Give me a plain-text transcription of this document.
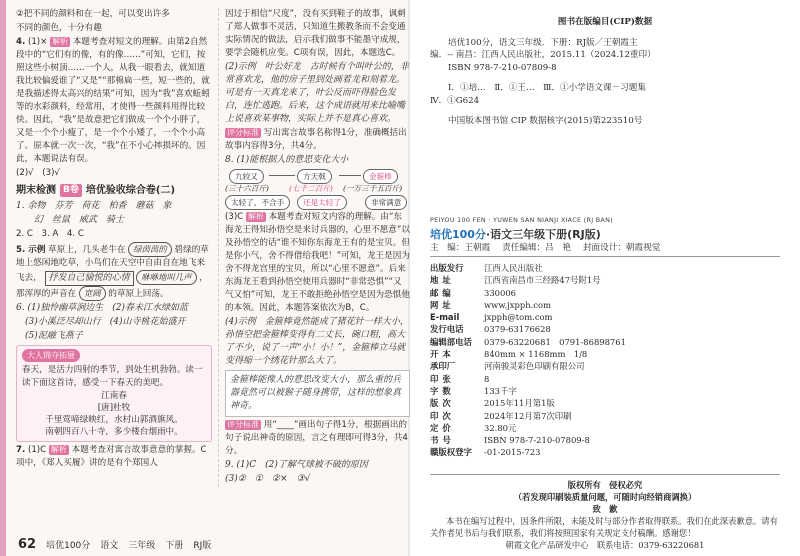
②把不同的颜料和在一起，可以变出许多
不同的颜色，十分有趣
4. (1)× 解析 本题考查对短文的理解。由第2自然段中的“它们有的像，有的像……”可知，它们，按照这些小树顶……一个人，从我一眼看去，就知道我比较偏爱谁了“又是”“那棉扁一些，短一些的，就是我描述得太高兴的结果”可知，因为“我”喜欢蚯蚓等的水彩颜料，经常用，才使得一些颜料用得比较快。因此，“我”是故意把它们做成一个个小胖了，又是一个个小瘦了，是一个个小矮了，一个个小高了。原本就一次一次，“我”在不小心摔损坏的。因此，本题说法有误。
(2)√　(3)√
期末检测 B卷 培优验收综合卷(二)
1. 余物　芬芳　荷花　柏香　蘑菇　象
　　幻　丝鼠　威武　骑士
2. C　3. A　4. C
5. 示例 草原上，几头老牛在 绿茵茵的 碧绿的草地上悠闲地吃草，小鸟们在天空中自由自在地飞来飞去， 抒发自己愉悦的心情 咻咻地叫几声 ，那浑厚的声音在 宽阔 的草原上回荡。
6. (1)独怜幽草涧边生　(2)春未江水绿如蓝
　(3)小溪泛尽却山行　(4)山寺桃花始盛开
　(5)泥融飞燕子　　　
大人锦夺拓展
春天，是活力四射的季节，到处生机勃勃。读一读下面这首诗，感受一下春天的美吧。
江南春
[唐]杜牧
千里莺啼绿映红，水村山郭酒旗风。
南朝四百八十寺，多少楼台烟雨中。
7. (1)C 解析 本题考查对寓言故事意意的掌握。C项中，《郑人买履》讲的是有个郑国人
因过于相信“尺度”，没有买到鞋子的故事，讽刺了郑人做事不灵活，只知道生搬教条而不会变通实际情况的做法，启示我们做事不能墨守成规，要学会随机应变。C项有误，因此，本题选C。
(2)示例　叶公好龙　古时候有个叫叶公的，非常喜欢龙，他的房子里到处画着龙和刻着龙。可是有一天真龙来了，叶公反而吓得脸色发白，连忙逃跑。后来，这个成语就用来比喻嘴上说喜欢某事物，实际上并不是真心喜欢。
评分标准 写出寓言故事名称得1分，准确概括出故事内容得3分，共4分。
8. (1)能根据人的意思变化大小
九较又	方天戟	金箍棒
(三十六百斤)	(七千二百斤) (一万三千五百斤)
太轻了，不合手	还是太轻了	非常满意
(3)C 解析 本题考查对短文内容的理解。由“东海龙王得知孙悟空是来讨兵器的，心里不愿意”以及孙悟空的话“谁不知你东海龙王有的是宝贝。但是你小气，舍不得借给我吧！”可知，龙王是因为舍不得龙宫里的宝贝，所以“心里不愿意”。后来东海龙王看到孙悟空使用兵器时“非常恐惧”“又气又怕”可知，龙王不敢拒绝孙悟空是因为恐惧他的本领。因此，本题答案依次为B，C。
(4)示例　金箍棒竟然能成了猪花针一样大小，孙悟空把金箍棒变得有二丈长，碗口粗，高大了不少，说了一声“小！小！”，金箍棒立马就变得缩一个绣花针那么大了。
金箍棒能像人的意思改变大小，那么重的兵器竟然可以被猴子随身携带，这样的想象真神奇。
评分标准 用“____”画出句子得1分，根据画出的句子说出神奇的原因，言之有理即可得3分，共4分。
9. (1)C　(2)了解气球被不破的原因
(3)②　①　②×　③√
62 培优100分 语文 三年级 下册 RJ版
图书在版编目(CIP)数据
培优100分，语文三年级．下册：RJ版／王朝霞主
编．-- 南昌：江西人民出版社，2015.11（2024.12重印）
ISBN 978-7-210-07809-8
Ⅰ．①培…　Ⅱ．①王…　Ⅲ．①小学语文课－习题集
Ⅳ．①G624
中国版本图书馆 CIP 数据核字(2015)第223510号
PEIYOU 100 FEN · YUWEN SAN NIANJI XIACE (RJ BAN)
培优100分·语文三年级下册(RJ版)
主　编：王朝霞 责任编辑：吕　艳 封面设计：朝霞视觉
出版发行	江西人民出版社
地址	江西省南昌市三经路47号附1号
邮编	330006
网址	www.jxpph.com
E-mail	jxpph@tom.com
发行电话	0379-63176628
编辑部电话	0379-63220681　0791-86898761
开本	840mm × 1168mm　1/8
承印厂	河南骏灵彩色印刷有限公司
印张	8
字数	133千字
版次	2015年11月第1版
印次	2024年12月第7次印刷
定价	32.80元
书号	ISBN 978-7-210-07809-8
赣版权登字	-01-2015-723
版权所有　侵权必究
（若发现印刷装质量问题，可随时向经销商调换）
致　歉
本书在编写过程中，因条件所限，未能及时与部分作者取得联系。我们在此深表歉意。请有关作者见书后与我们联系，我们将按照国家有关规定支付稿酬。感谢您！
朝霞文化产品研发中心　联系电话：0379-63220681
